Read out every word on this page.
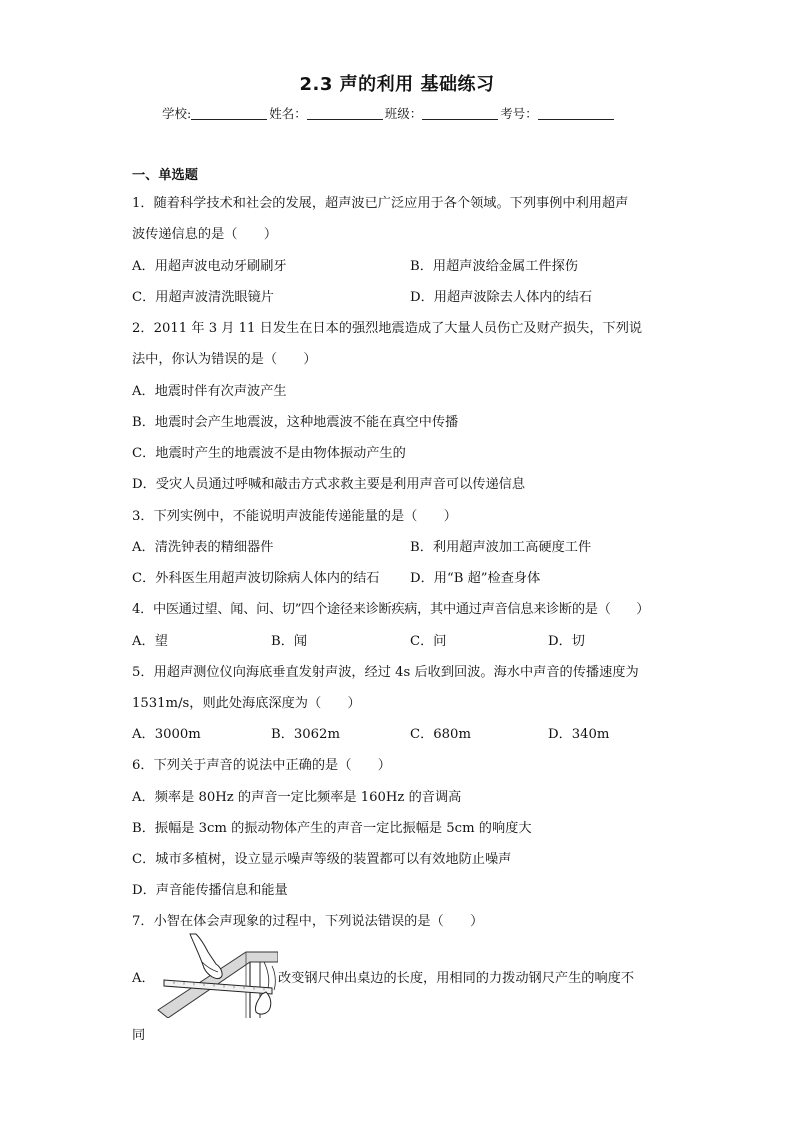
2.3 声的利用 基础练习
学校:	姓名：	班级：	考号：
一、单选题
1．随着科学技术和社会的发展，超声波已广泛应用于各个领域。下列事例中利用超声
波传递信息的是（　　）
A．用超声波电动牙刷刷牙	B．用超声波给金属工件探伤
C．用超声波清洗眼镜片	D．用超声波除去人体内的结石
2．2011 年 3 月 11 日发生在日本的强烈地震造成了大量人员伤亡及财产损失，下列说
法中，你认为错误的是（　　）
A．地震时伴有次声波产生
B．地震时会产生地震波，这种地震波不能在真空中传播
C．地震时产生的地震波不是由物体振动产生的
D．受灾人员通过呼喊和敲击方式求救主要是利用声音可以传递信息
3．下列实例中，不能说明声波能传递能量的是（　　）
A．清洗钟表的精细器件	B．利用超声波加工高硬度工件
C．外科医生用超声波切除病人体内的结石 D．用“B 超”检查身体
4．中医通过望、闻、问、切”四个途径来诊断疾病，其中通过声音信息来诊断的是（　　）
A．望	B．闻	C．问	D．切
5．用超声测位仪向海底垂直发射声波，经过 4s 后收到回波。海水中声音的传播速度为
1531m/s，则此处海底深度为（　　）
A．3000m	B．3062m	C．680m	D．340m
6．下列关于声音的说法中正确的是（　　）
A．频率是 80Hz 的声音一定比频率是 160Hz 的音调高
B．振幅是 3cm 的振动物体产生的声音一定比振幅是 5cm 的响度大
C．城市多植树，设立显示噪声等级的装置都可以有效地防止噪声
D．声音能传播信息和能量
7．小智在体会声现象的过程中，下列说法错误的是（　　）
A．	改变钢尺伸出桌边的长度，用相同的力拨动钢尺产生的响度不
同
